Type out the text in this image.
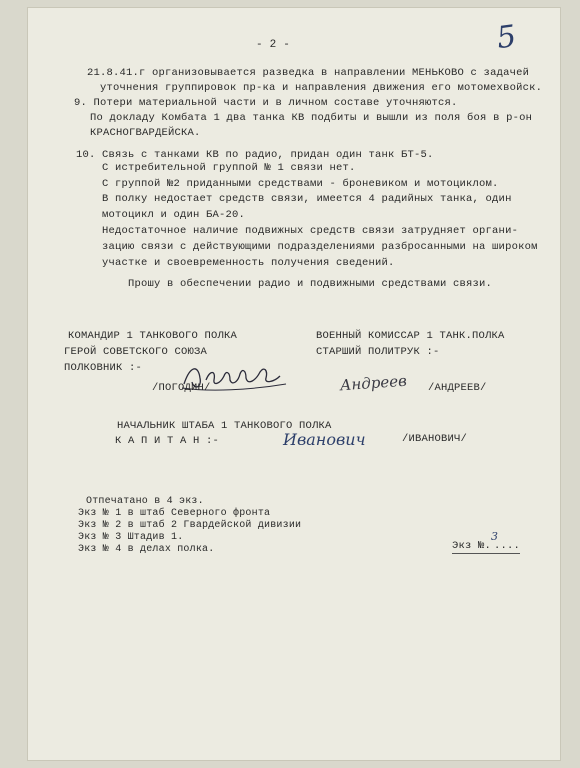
- 2 -	5
21.8.41.г организовывается разведка в направлении МЕНЬКОВО с задачей
уточнения группировок пр-ка и направления движения его мотомехвойск.
9. Потери материальной части и в личном составе уточняются.
По докладу Комбата 1 два танка КВ подбиты и вышли из поля боя в р-он
КРАСНОГВАРДЕЙСКА.
10. Связь с танками КВ по радио, придан один танк БТ-5.
С истребительной группой № 1 связи нет.
С группой №2 приданными средствами - броневиком и мотоциклом.
В полку недостает средств связи, имеется 4 радийных танка, один
мотоцикл и один БА-20.
Недостаточное наличие подвижных средств связи затрудняет органи-
зацию связи с действующими подразделениями разбросанными на широком
участке и своевременность получения сведений.
Прошу в обеспечении радио и подвижными средствами связи.
КОМАНДИР 1 ТАНКОВОГО ПОЛКА
ГЕРОЙ СОВЕТСКОГО СОЮЗА
ПОЛКОВНИК :-
/ПОГОДИН/
ВОЕННЫЙ КОМИССАР 1 ТАНК.ПОЛКА
СТАРШИЙ ПОЛИТРУК :-
Андреев /АНДРЕЕВ/
НАЧАЛЬНИК ШТАБА 1 ТАНКОВОГО ПОЛКА
К А П И Т А Н :-	Иванович	/ИВАНОВИЧ/
Отпечатано в 4 экз.
Экз № 1 в штаб Северного фронта
Экз № 2 в штаб 2 Гвардейской дивизии
Экз № 3 Штадив 1.
Экз № 4 в делах полка.	Экз №.
3
....
